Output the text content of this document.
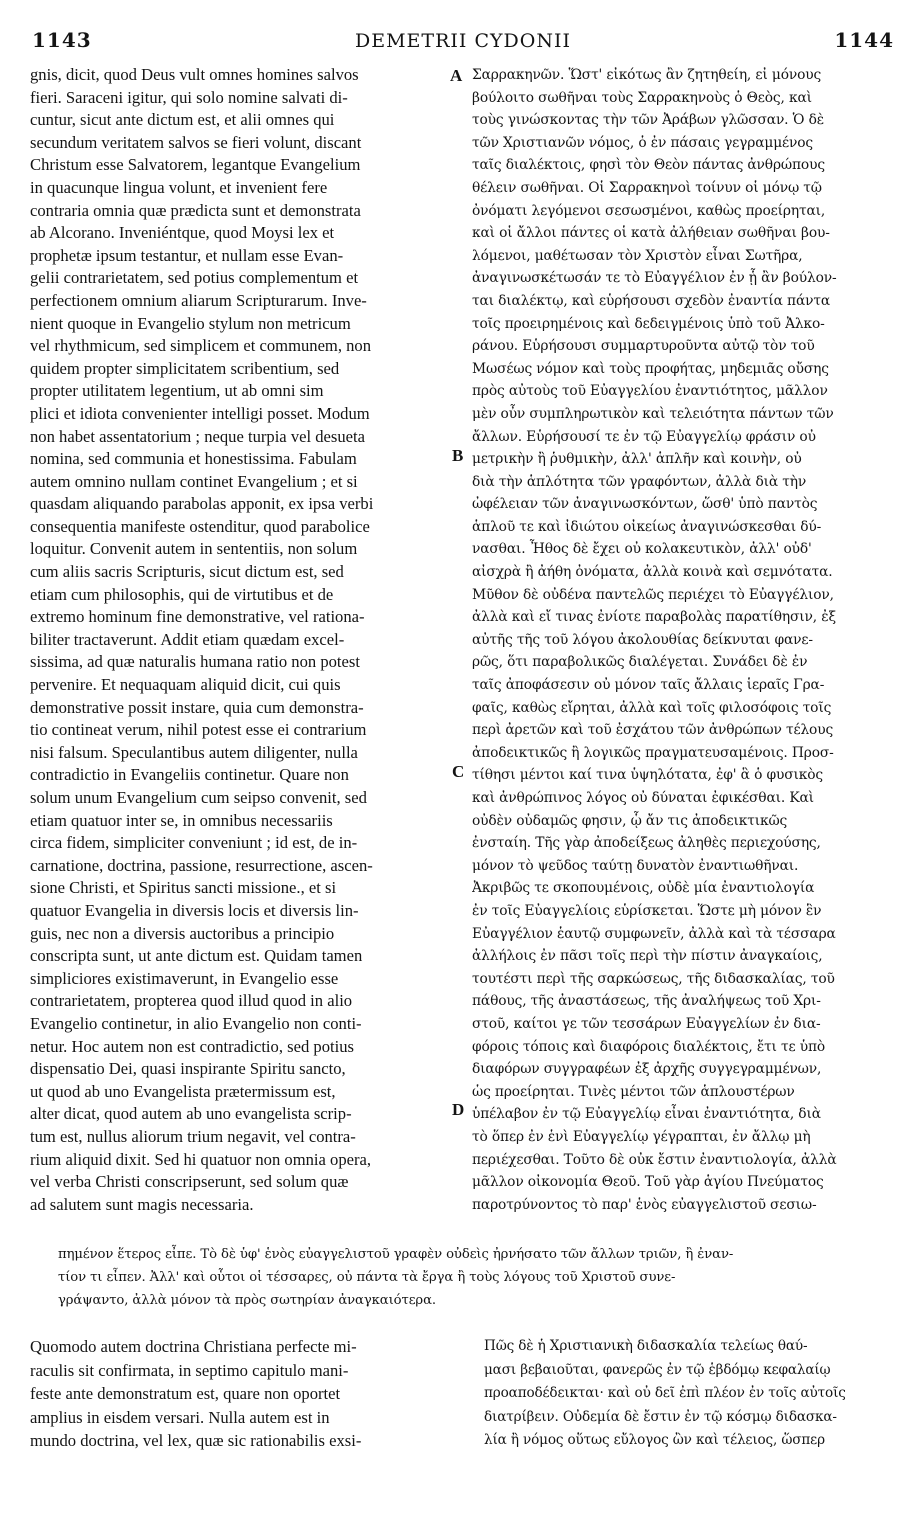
1143	DEMETRII CYDONII	1144

gnis, dicit, quod Deus vult omnes homines salvos

fieri. Saraceni igitur, qui solo nomine salvati di-

cuntur, sicut ante dictum est, et alii omnes qui

secundum veritatem salvos se fieri volunt, discant

Christum esse Salvatorem, legantque Evangelium

in quacunque lingua volunt, et invenient fere

contraria omnia quæ prædicta sunt et demonstrata

ab Alcorano. Inveniéntque, quod Moysi lex et

prophetæ ipsum testantur, et nullam esse Evan-

gelii contrarietatem, sed potius complementum et

perfectionem omnium aliarum Scripturarum. Inve-

nient quoque in Evangelio stylum non metricum

vel rhythmicum, sed simplicem et communem, non

quidem propter simplicitatem scribentium, sed

propter utilitatem legentium, ut ab omni sim

plici et idiota convenienter intelligi posset. Modum

non habet assentatorium ; neque turpia vel desueta

nomina, sed communia et honestissima. Fabulam

autem omnino nullam continet Evangelium ; et si

quasdam aliquando parabolas apponit, ex ipsa verbi

consequentia manifeste ostenditur, quod parabolice

loquitur. Convenit autem in sententiis, non solum

cum aliis sacris Scripturis, sicut dictum est, sed

etiam cum philosophis, qui de virtutibus et de

extremo hominum fine demonstrative, vel rationa-

biliter tractaverunt. Addit etiam quædam excel-

sissima, ad quæ naturalis humana ratio non potest

pervenire. Et nequaquam aliquid dicit, cui quis

demonstrative possit instare, quia cum demonstra-

tio contineat verum, nihil potest esse ei contrarium

nisi falsum. Speculantibus autem diligenter, nulla

contradictio in Evangeliis continetur. Quare non

solum unum Evangelium cum seipso convenit, sed

etiam quatuor inter se, in omnibus necessariis

circa fidem, simpliciter conveniunt ; id est, de in-

carnatione, doctrina, passione, resurrectione, ascen-

sione Christi, et Spiritus sancti missione., et si

quatuor Evangelia in diversis locis et diversis lin-

guis, nec non a diversis auctoribus a principio

conscripta sunt, ut ante dictum est. Quidam tamen

simpliciores existimaverunt, in Evangelio esse

contrarietatem, propterea quod illud quod in alio

Evangelio continetur, in alio Evangelio non conti-

netur. Hoc autem non est contradictio, sed potius

dispensatio Dei, quasi inspirante Spiritu sancto,

ut quod ab uno Evangelista prætermissum est,

alter dicat, quod autem ab uno evangelista scrip-

tum est, nullus aliorum trium negavit, vel contra-

rium aliquid dixit. Sed hi quatuor non omnia opera,

vel verba Christi conscripserunt, sed solum quæ

ad salutem sunt magis necessaria.

Σαρρακηνῶν. Ὥστ' εἰκότως ἂν ζητηθείη, εἰ μόνους

βούλοιτο σωθῆναι τοὺς Σαρρακηνοὺς ὁ Θεὸς, καὶ

τοὺς γινώσκοντας τὴν τῶν Ἀράβων γλῶσσαν. Ὁ δὲ

τῶν Χριστιανῶν νόμος, ὁ ἐν πάσαις γεγραμμένος

ταῖς διαλέκτοις, φησὶ τὸν Θεὸν πάντας ἀνθρώπους

θέλειν σωθῆναι. Οἱ Σαρρακηνοὶ τοίνυν οἱ μόνῳ τῷ

ὀνόματι λεγόμενοι σεσωσμένοι, καθὼς προείρηται,

καὶ οἱ ἄλλοι πάντες οἱ κατὰ ἀλήθειαν σωθῆναι βου-

λόμενοι, μαθέτωσαν τὸν Χριστὸν εἶναι Σωτῆρα,

ἀναγινωσκέτωσάν τε τὸ Εὐαγγέλιον ἐν ᾗ ἂν βούλον-

ται διαλέκτῳ, καὶ εὑρήσουσι σχεδὸν ἐναντία πάντα

τοῖς προειρημένοις καὶ δεδειγμένοις ὑπὸ τοῦ Ἀλκο-

ράνου. Εὑρήσουσι συμμαρτυροῦντα αὐτῷ τὸν τοῦ

Μωσέως νόμον καὶ τοὺς προφήτας, μηδεμιᾶς οὔσης

πρὸς αὐτοὺς τοῦ Εὐαγγελίου ἐναντιότητος, μᾶλλον

μὲν οὖν συμπληρωτικὸν καὶ τελειότητα πάντων τῶν

ἄλλων. Εὑρήσουσί τε ἐν τῷ Εὐαγγελίῳ φράσιν οὐ

μετρικὴν ἢ ῥυθμικὴν, ἀλλ' ἁπλῆν καὶ κοινὴν, οὐ

διὰ τὴν ἁπλότητα τῶν γραφόντων, ἀλλὰ διὰ τὴν

ὠφέλειαν τῶν ἀναγινωσκόντων, ὥσθ' ὑπὸ παντὸς

ἁπλοῦ τε καὶ ἰδιώτου οἰκείως ἀναγινώσκεσθαι δύ-

νασθαι. Ἦθος δὲ ἔχει οὐ κολακευτικὸν, ἀλλ' οὐδ'

αἰσχρὰ ἢ ἀήθη ὀνόματα, ἀλλὰ κοινὰ καὶ σεμνότατα.

Μῦθον δὲ οὐδένα παντελῶς περιέχει τὸ Εὐαγγέλιον,

ἀλλὰ καὶ εἴ τινας ἐνίοτε παραβολὰς παρατίθησιν, ἐξ

αὐτῆς τῆς τοῦ λόγου ἀκολουθίας δείκνυται φανε-

ρῶς, ὅτι παραβολικῶς διαλέγεται. Συνάδει δὲ ἐν

ταῖς ἀποφάσεσιν οὐ μόνον ταῖς ἄλλαις ἱεραῖς Γρα-

φαῖς, καθὼς εἴρηται, ἀλλὰ καὶ τοῖς φιλοσόφοις τοῖς

περὶ ἀρετῶν καὶ τοῦ ἐσχάτου τῶν ἀνθρώπων τέλους

ἀποδεικτικῶς ἢ λογικῶς πραγματευσαμένοις. Προσ-

τίθησι μέντοι καί τινα ὑψηλότατα, ἐφ' ἃ ὁ φυσικὸς

καὶ ἀνθρώπινος λόγος οὐ δύναται ἐφικέσθαι. Καὶ

οὐδὲν οὐδαμῶς φησιν, ᾧ ἄν τις ἀποδεικτικῶς

ἐνσταίη. Τῆς γὰρ ἀποδείξεως ἀληθὲς περιεχούσης,

μόνον τὸ ψεῦδος ταύτῃ δυνατὸν ἐναντιωθῆναι.

Ἀκριβῶς τε σκοπουμένοις, οὐδὲ μία ἐναντιολογία

ἐν τοῖς Εὐαγγελίοις εὑρίσκεται. Ὥστε μὴ μόνον ἓν

Εὐαγγέλιον ἑαυτῷ συμφωνεῖν, ἀλλὰ καὶ τὰ τέσσαρα

ἀλλήλοις ἐν πᾶσι τοῖς περὶ τὴν πίστιν ἀναγκαίοις,

τουτέστι περὶ τῆς σαρκώσεως, τῆς διδασκαλίας, τοῦ

πάθους, τῆς ἀναστάσεως, τῆς ἀναλήψεως τοῦ Χρι-

στοῦ, καίτοι γε τῶν τεσσάρων Εὐαγγελίων ἐν δια-

φόροις τόποις καὶ διαφόροις διαλέκτοις, ἔτι τε ὑπὸ

διαφόρων συγγραφέων ἐξ ἀρχῆς συγγεγραμμένων,

ὡς προείρηται. Τινὲς μέντοι τῶν ἁπλουστέρων

ὑπέλαβον ἐν τῷ Εὐαγγελίῳ εἶναι ἐναντιότητα, διὰ

τὸ ὅπερ ἐν ἑνὶ Εὐαγγελίῳ γέγραπται, ἐν ἄλλῳ μὴ

περιέχεσθαι. Τοῦτο δὲ οὐκ ἔστιν ἐναντιολογία, ἀλλὰ

μᾶλλον οἰκονομία Θεοῦ. Τοῦ γὰρ ἁγίου Πνεύματος

παροτρύνοντος τὸ παρ' ἑνὸς εὐαγγελιστοῦ σεσιω-

A
B
C
D

πημένον ἕτερος εἶπε. Τὸ δὲ ὑφ' ἑνὸς εὐαγγελιστοῦ γραφὲν οὐδεὶς ἠρνήσατο τῶν ἄλλων τριῶν, ἢ ἐναν-

τίον τι εἶπεν. Ἀλλ' καὶ οὗτοι οἱ τέσσαρες, οὐ πάντα τὰ ἔργα ἢ τοὺς λόγους τοῦ Χριστοῦ συνε-

γράψαντο, ἀλλὰ μόνον τὰ πρὸς σωτηρίαν ἀναγκαιότερα.

Quomodo autem doctrina Christiana perfecte mi-

raculis sit confirmata, in septimo capitulo mani-

feste ante demonstratum est, quare non oportet

amplius in eisdem versari. Nulla autem est in

mundo doctrina, vel lex, quæ sic rationabilis exsi-

Πῶς δὲ ἡ Χριστιανικὴ διδασκαλία τελείως θαύ-

μασι βεβαιοῦται, φανερῶς ἐν τῷ ἑβδόμῳ κεφαλαίῳ

προαποδέδεικται· καὶ οὐ δεῖ ἐπὶ πλέον ἐν τοῖς αὐτοῖς

διατρίβειν. Οὐδεμία δὲ ἔστιν ἐν τῷ κόσμῳ διδασκα-

λία ἢ νόμος οὕτως εὔλογος ὢν καὶ τέλειος, ὥσπερ
